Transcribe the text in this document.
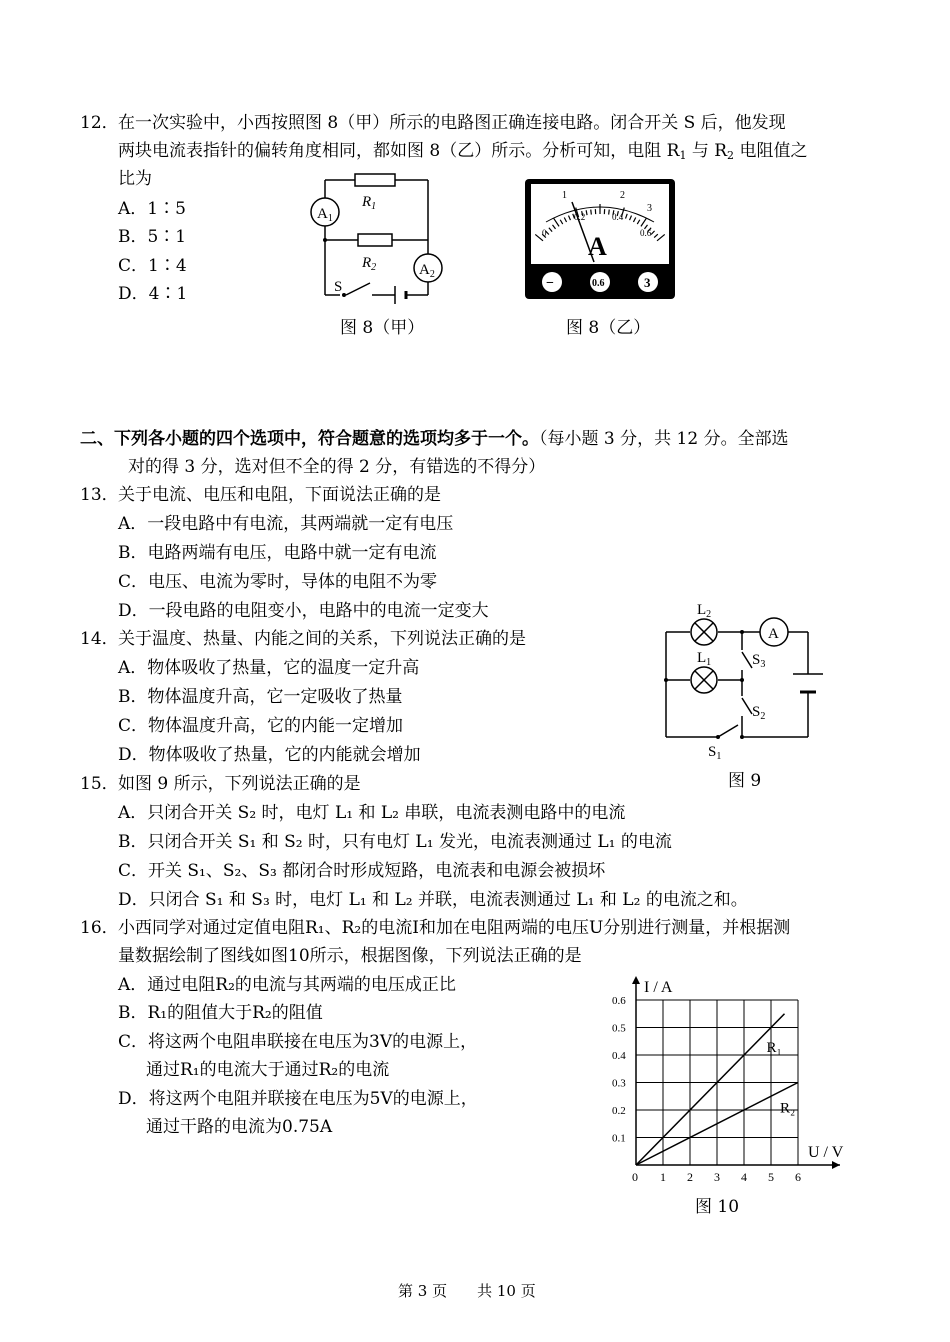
12． 在一次实验中，小西按照图 8（甲）所示的电路图正确连接电路。闭合开关 S 后，他发现
两块电流表指针的偏转角度相同，都如图 8（乙）所示。分析可知，电阻 $R_1$ 与 $R_2$ 电阻值之
比为
A．1∶5
B．5∶1
C．1∶4
D．4∶1
$A_1$
$A_2$
$R_1$
$R_2$
S
A
1	2
3
0
0.2	0.4
0.6
−	0.6	3
图 8（甲）	图 8（乙）
二、下列各小题的四个选项中，符合题意的选项均多于一个。（每小题 3 分，共 12 分。全部选
对的得 3 分，选对但不全的得 2 分，有错选的不得分）
13． 关于电流、电压和电阻，下面说法正确的是
A．一段电路中有电流，其两端就一定有电压
B．电路两端有电压，电路中就一定有电流
C．电压、电流为零时，导体的电阻不为零
D．一段电路的电阻变小，电路中的电流一定变大
14． 关于温度、热量、内能之间的关系，下列说法正确的是
A．物体吸收了热量，它的温度一定升高
B．物体温度升高，它一定吸收了热量
C．物体温度升高，它的内能一定增加
D．物体吸收了热量，它的内能就会增加
A
$L_2$
$L_1$	$S_3$
$S_2$
$S_1$
图 9
15． 如图 9 所示，下列说法正确的是
A．只闭合开关 S₂ 时，电灯 L₁ 和 L₂ 串联，电流表测电路中的电流
B．只闭合开关 S₁ 和 S₂ 时，只有电灯 L₁ 发光，电流表测通过 L₁ 的电流
C．开关 S₁、S₂、S₃ 都闭合时形成短路，电流表和电源会被损坏
D．只闭合 S₁ 和 S₃ 时，电灯 L₁ 和 L₂ 并联，电流表测通过 L₁ 和 L₂ 的电流之和。
16． 小西同学对通过定值电阻R₁、R₂的电流I和加在电阻两端的电压U分别进行测量，并根据测
量数据绘制了图线如图10所示，根据图像，下列说法正确的是
A．通过电阻R₂的电流与其两端的电压成正比
B．R₁的阻值大于R₂的阻值
C．将这两个电阻串联接在电压为3V的电源上，
通过R₁的电流大于通过R₂的电流
D．将这两个电阻并联接在电压为5V的电源上，
通过干路的电流为0.75A
1 2 3 4 5 6
0.1
0.2
0.3
0.4
0.5
0.6
0
I / A
U / V
R₁
R₂
图 10
第 3 页　　共 10 页
